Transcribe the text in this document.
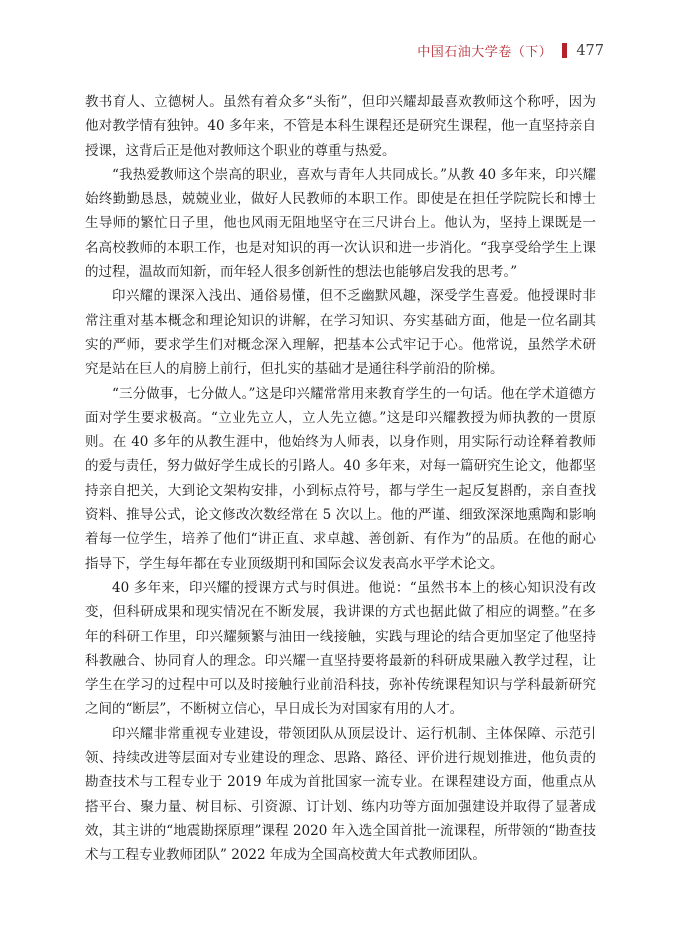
中国石油大学卷（下） 477

教书育人、立德树人。虽然有着众多“头衔”，但印兴耀却最喜欢教师这个称呼，因为他对教学情有独钟。40 多年来，不管是本科生课程还是研究生课程，他一直坚持亲自授课，这背后正是他对教师这个职业的尊重与热爱。

“我热爱教师这个崇高的职业，喜欢与青年人共同成长。”从教 40 多年来，印兴耀始终勤勤恳恳，兢兢业业，做好人民教师的本职工作。即使是在担任学院院长和博士生导师的繁忙日子里，他也风雨无阻地坚守在三尺讲台上。他认为，坚持上课既是一名高校教师的本职工作，也是对知识的再一次认识和进一步消化。“我享受给学生上课的过程，温故而知新，而年轻人很多创新性的想法也能够启发我的思考。”

印兴耀的课深入浅出、通俗易懂，但不乏幽默风趣，深受学生喜爱。他授课时非常注重对基本概念和理论知识的讲解，在学习知识、夯实基础方面，他是一位名副其实的严师，要求学生们对概念深入理解，把基本公式牢记于心。他常说，虽然学术研究是站在巨人的肩膀上前行，但扎实的基础才是通往科学前沿的阶梯。

“三分做事，七分做人。”这是印兴耀常常用来教育学生的一句话。他在学术道德方面对学生要求极高。“立业先立人，立人先立德。”这是印兴耀教授为师执教的一贯原则。在 40 多年的从教生涯中，他始终为人师表，以身作则，用实际行动诠释着教师的爱与责任，努力做好学生成长的引路人。40 多年来，对每一篇研究生论文，他都坚持亲自把关，大到论文架构安排，小到标点符号，都与学生一起反复斟酌，亲自查找资料、推导公式，论文修改次数经常在 5 次以上。他的严谨、细致深深地熏陶和影响着每一位学生，培养了他们“讲正直、求卓越、善创新、有作为”的品质。在他的耐心指导下，学生每年都在专业顶级期刊和国际会议发表高水平学术论文。

40 多年来，印兴耀的授课方式与时俱进。他说：“虽然书本上的核心知识没有改变，但科研成果和现实情况在不断发展，我讲课的方式也据此做了相应的调整。”在多年的科研工作里，印兴耀频繁与油田一线接触，实践与理论的结合更加坚定了他坚持科教融合、协同育人的理念。印兴耀一直坚持要将最新的科研成果融入教学过程，让学生在学习的过程中可以及时接触行业前沿科技，弥补传统课程知识与学科最新研究之间的“断层”，不断树立信心，早日成长为对国家有用的人才。

印兴耀非常重视专业建设，带领团队从顶层设计、运行机制、主体保障、示范引领、持续改进等层面对专业建设的理念、思路、路径、评价进行规划推进，他负责的勘查技术与工程专业于 2019 年成为首批国家一流专业。在课程建设方面，他重点从搭平台、聚力量、树目标、引资源、订计划、练内功等方面加强建设并取得了显著成效，其主讲的“地震勘探原理”课程 2020 年入选全国首批一流课程，所带领的“勘查技术与工程专业教师团队” 2022 年成为全国高校黄大年式教师团队。
